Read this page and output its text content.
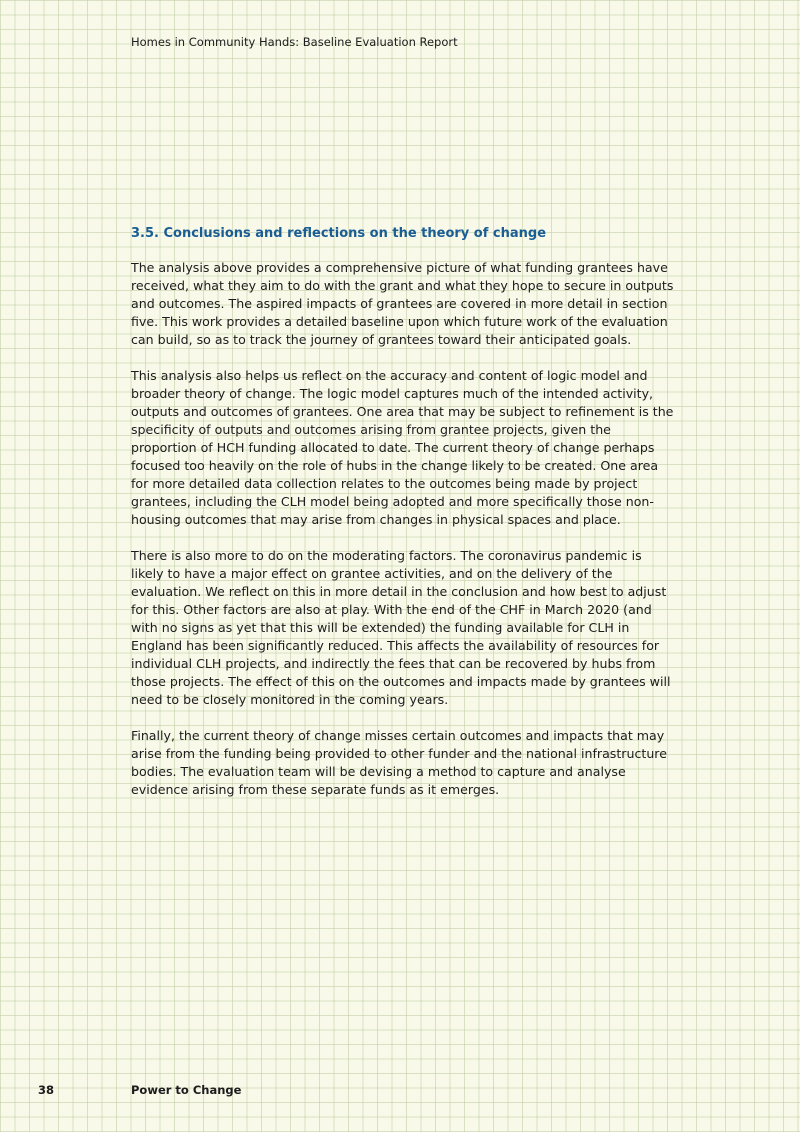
Homes in Community Hands: Baseline Evaluation Report
3.5. Conclusions and reflections on the theory of change

The analysis above provides a comprehensive picture of what funding grantees have received, what they aim to do with the grant and what they hope to secure in outputs and outcomes. The aspired impacts of grantees are covered in more detail in section five. This work provides a detailed baseline upon which future work of the evaluation can build, so as to track the journey of grantees toward their anticipated goals.

This analysis also helps us reflect on the accuracy and content of logic model and broader theory of change. The logic model captures much of the intended activity, outputs and outcomes of grantees. One area that may be subject to refinement is the specificity of outputs and outcomes arising from grantee projects, given the proportion of HCH funding allocated to date. The current theory of change perhaps focused too heavily on the role of hubs in the change likely to be created. One area for more detailed data collection relates to the outcomes being made by project grantees, including the CLH model being adopted and more specifically those non-housing outcomes that may arise from changes in physical spaces and place.

There is also more to do on the moderating factors. The coronavirus pandemic is likely to have a major effect on grantee activities, and on the delivery of the evaluation. We reflect on this in more detail in the conclusion and how best to adjust for this. Other factors are also at play. With the end of the CHF in March 2020 (and with no signs as yet that this will be extended) the funding available for CLH in England has been significantly reduced. This affects the availability of resources for individual CLH projects, and indirectly the fees that can be recovered by hubs from those projects. The effect of this on the outcomes and impacts made by grantees will need to be closely monitored in the coming years.

Finally, the current theory of change misses certain outcomes and impacts that may arise from the funding being provided to other funder and the national infrastructure bodies. The evaluation team will be devising a method to capture and analyse evidence arising from these separate funds as it emerges.

38	Power to Change
